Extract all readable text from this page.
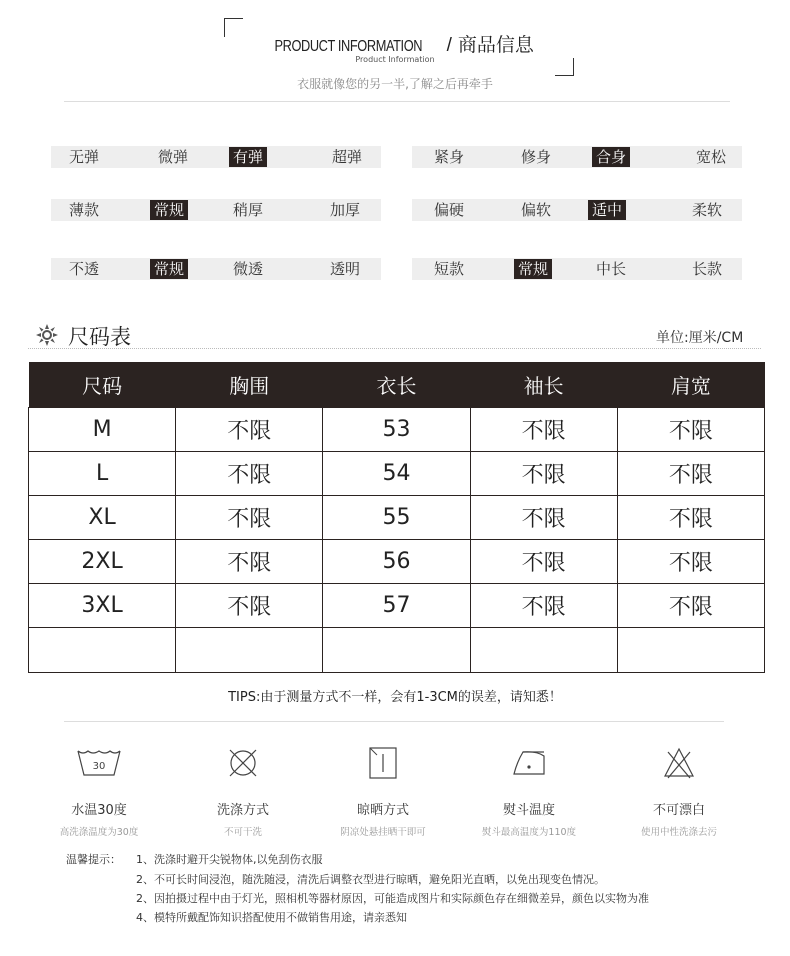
PRODUCT INFORMATION / 商品信息
Product Information
衣服就像您的另一半,了解之后再牵手
无弹	微弹	有弹	超弹	紧身	修身	合身	宽松
薄款	常规	稍厚	加厚	偏硬	偏软	适中	柔软
不透	常规	微透	透明	短款	常规	中长	长款
尺码表	单位:厘米/CM
尺码	胸围	衣长	袖长	肩宽
M	不限	53	不限	不限
L	不限	54	不限	不限
XL	不限	55	不限	不限
2XL	不限	56	不限	不限
3XL	不限	57	不限	不限

TIPS:由于测量方式不一样，会有1-3CM的误差，请知悉！
30
水温30度
高洗涤温度为30度
洗涤方式
不可干洗
晾晒方式
阴凉处悬挂晒干即可
熨斗温度
熨斗最高温度为110度
不可漂白
使用中性洗涤去污
温馨提示： 1、洗涤时避开尖锐物体,以免刮伤衣服
2、不可长时间浸泡，随洗随浸，清洗后调整衣型进行晾晒，避免阳光直晒，以免出现变色情况。
2、因拍摄过程中由于灯光，照相机等器材原因，可能造成图片和实际颜色存在细微差异，颜色以实物为准
4、模特所戴配饰知识搭配使用不做销售用途，请亲悉知
